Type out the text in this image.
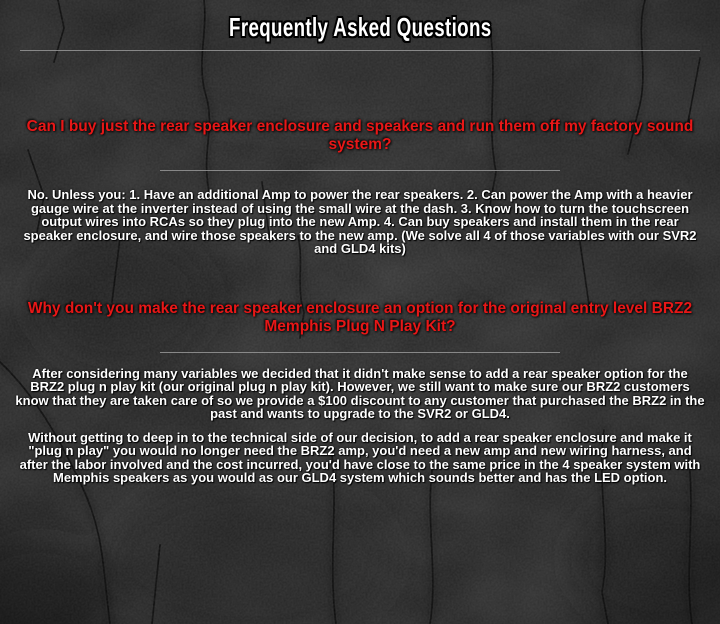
Frequently Asked Questions
Can I buy just the rear speaker enclosure and speakers and run them off my factory sound system?

No. Unless you: 1. Have an additional Amp to power the rear speakers. 2. Can power the Amp with a heavier gauge wire at the inverter instead of using the small wire at the dash. 3. Know how to turn the touchscreen output wires into RCAs so they plug into the new Amp. 4. Can buy speakers and install them in the rear speaker enclosure, and wire those speakers to the new amp. (We solve all 4 of those variables with our SVR2 and GLD4 kits)

Why don't you make the rear speaker enclosure an option for the original entry level BRZ2 Memphis Plug N Play Kit?

After considering many variables we decided that it didn't make sense to add a rear speaker option for the BRZ2 plug n play kit (our original plug n play kit). However, we still want to make sure our BRZ2 customers know that they are taken care of so we provide a $100 discount to any customer that purchased the BRZ2 in the past and wants to upgrade to the SVR2 or GLD4.

Without getting to deep in to the technical side of our decision, to add a rear speaker enclosure and make it "plug n play" you would no longer need the BRZ2 amp, you'd need a new amp and new wiring harness, and after the labor involved and the cost incurred, you'd have close to the same price in the 4 speaker system with Memphis speakers as you would as our GLD4 system which sounds better and has the LED option.
